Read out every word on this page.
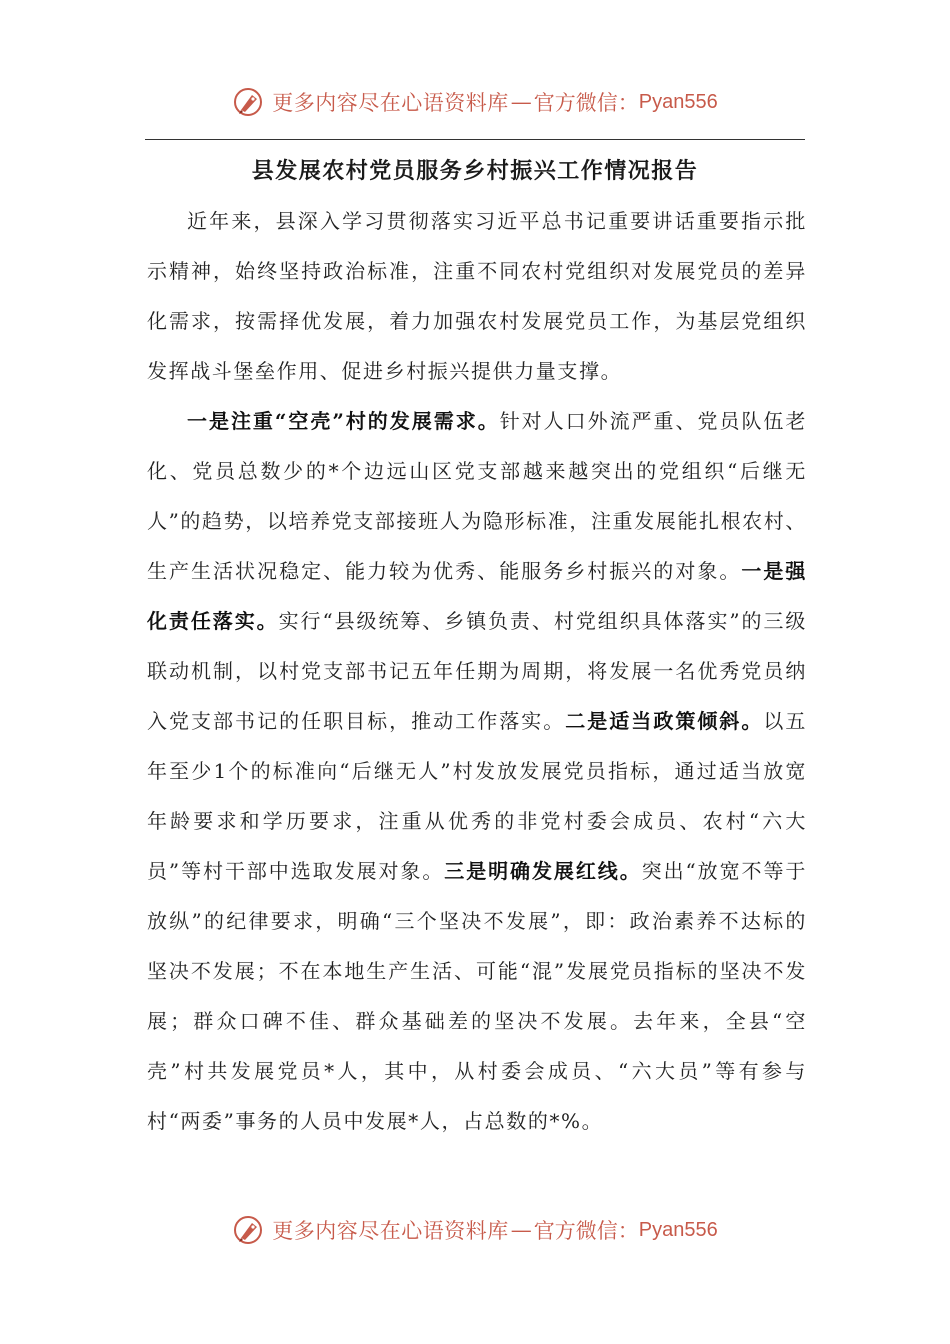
更多内容尽在心语资料库 — 官方微信： Pyan556
县发展农村党员服务乡村振兴工作情况报告

近年来，县深入学习贯彻落实习近平总书记重要讲话重要指示批示精神，始终坚持政治标准，注重不同农村党组织对发展党员的差异化需求，按需择优发展，着力加强农村发展党员工作，为基层党组织发挥战斗堡垒作用、促进乡村振兴提供力量支撑。

一是注重“空壳”村的发展需求。针对人口外流严重、党员队伍老化、党员总数少的*个边远山区党支部越来越突出的党组织“后继无人”的趋势，以培养党支部接班人为隐形标准，注重发展能扎根农村、生产生活状况稳定、能力较为优秀、能服务乡村振兴的对象。一是强化责任落实。实行“县级统筹、乡镇负责、村党组织具体落实”的三级联动机制，以村党支部书记五年任期为周期，将发展一名优秀党员纳入党支部书记的任职目标，推动工作落实。二是适当政策倾斜。以五年至少1个的标准向“后继无人”村发放发展党员指标，通过适当放宽年龄要求和学历要求，注重从优秀的非党村委会成员、农村“六大员”等村干部中选取发展对象。三是明确发展红线。突出“放宽不等于放纵”的纪律要求，明确“三个坚决不发展”，即：政治素养不达标的坚决不发展；不在本地生产生活、可能“混”发展党员指标的坚决不发展；群众口碑不佳、群众基础差的坚决不发展。去年来，全县“空壳”村共发展党员*人，其中，从村委会成员、“六大员”等有参与村“两委”事务的人员中发展*人，占总数的*%。

更多内容尽在心语资料库 — 官方微信： Pyan556
